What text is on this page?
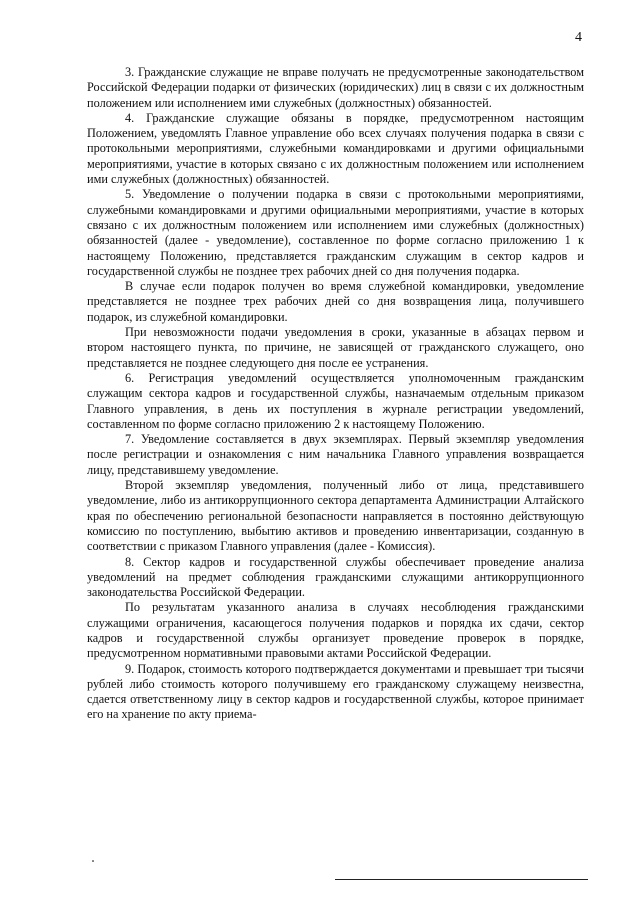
4

3. Гражданские служащие не вправе получать не предусмотренные законодательством Российской Федерации подарки от физических (юридических) лиц в связи с их должностным положением или исполнением ими служебных (должностных) обязанностей.

4. Гражданские служащие обязаны в порядке, предусмотренном настоящим Положением, уведомлять Главное управление обо всех случаях получения подарка в связи с протокольными мероприятиями, служебными командировками и другими официальными мероприятиями, участие в которых связано с их должностным положением или исполнением ими служебных (должностных) обязанностей.

5. Уведомление о получении подарка в связи с протокольными мероприятиями, служебными командировками и другими официальными мероприятиями, участие в которых связано с их должностным положением или исполнением ими служебных (должностных) обязанностей (далее - уведомление), составленное по форме согласно приложению 1 к настоящему Положению, представляется гражданским служащим в сектор кадров и государственной службы не позднее трех рабочих дней со дня получения подарка.

В случае если подарок получен во время служебной командировки, уведомление представляется не позднее трех рабочих дней со дня возвращения лица, получившего подарок, из служебной командировки.

При невозможности подачи уведомления в сроки, указанные в абзацах первом и втором настоящего пункта, по причине, не зависящей от гражданского служащего, оно представляется не позднее следующего дня после ее устранения.

6. Регистрация уведомлений осуществляется уполномоченным гражданским служащим сектора кадров и государственной службы, назначаемым отдельным приказом Главного управления, в день их поступления в журнале регистрации уведомлений, составленном по форме согласно приложению 2 к настоящему Положению.

7. Уведомление составляется в двух экземплярах. Первый экземпляр уведомления после регистрации и ознакомления с ним начальника Главного управления возвращается лицу, представившему уведомление.

Второй экземпляр уведомления, полученный либо от лица, представившего уведомление, либо из антикоррупционного сектора департамента Администрации Алтайского края по обеспечению региональной безопасности направляется в постоянно действующую комиссию по поступлению, выбытию активов и проведению инвентаризации, созданную в соответствии с приказом Главного управления (далее - Комиссия).

8. Сектор кадров и государственной службы обеспечивает проведение анализа уведомлений на предмет соблюдения гражданскими служащими антикоррупционного законодательства Российской Федерации.

По результатам указанного анализа в случаях несоблюдения гражданскими служащими ограничения, касающегося получения подарков и порядка их сдачи, сектор кадров и государственной службы организует проведение проверок в порядке, предусмотренном нормативными правовыми актами Российской Федерации.

9. Подарок, стоимость которого подтверждается документами и превышает три тысячи рублей либо стоимость которого получившему его гражданскому служащему неизвестна, сдается ответственному лицу в сектор кадров и государственной службы, которое принимает его на хранение по акту приема-
